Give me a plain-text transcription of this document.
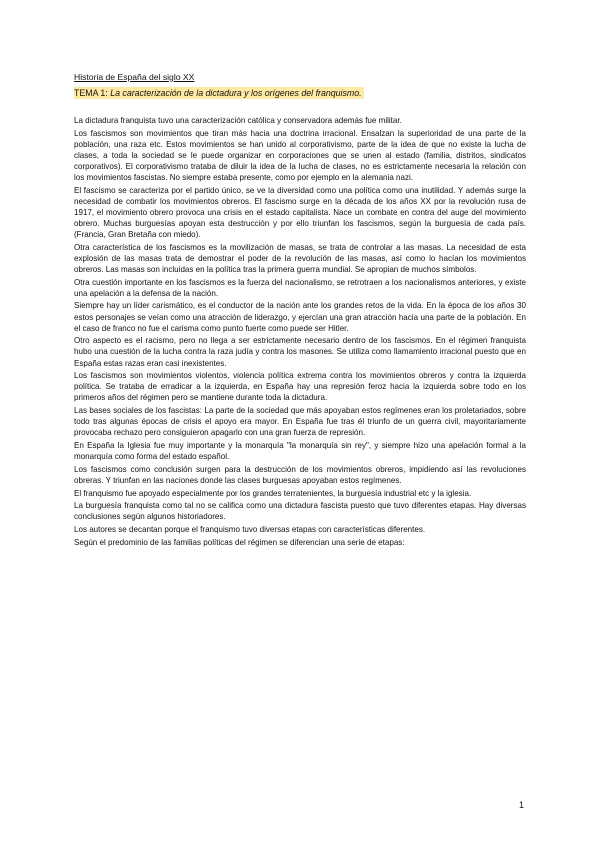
Historia de España del siglo XX

TEMA 1: La caracterización de la dictadura y los orígenes del franquismo.

La dictadura franquista tuvo una caracterización católica y conservadora además fue militar.

Los fascismos son movimientos que tiran más hacia una doctrina irracional. Ensalzan la superioridad de una parte de la población, una raza etc. Estos movimientos se han unido al corporativismo, parte de la idea de que no existe la lucha de clases, a toda la sociedad se le puede organizar en corporaciones que se unen al estado (familia, distritos, sindicatos corporativos). El corporativismo trataba de diluir la idea de la lucha de clases, no es estrictamente necesaria la relación con los movimientos fascistas. No siempre estaba presente, como por ejemplo en la alemania nazi.

El fascismo se caracteriza por el partido único, se ve la diversidad como una política como una inutilidad. Y además surge la necesidad de combatir los movimientos obreros. El fascismo surge en la década de los años XX por la revolución rusa de 1917, el movimiento obrero provoca una crisis en el estado capitalista. Nace un combate en contra del auge del movimiento obrero. Muchas burguesías apoyan esta destrucción y por ello triunfan los fascismos, según la burguesía de cada país. (Francia, Gran Bretaña con miedo).

Otra característica de los fascismos es la movilización de masas, se trata de controlar a las masas. La necesidad de esta explosión de las masas trata de demostrar el poder de la revolución de las masas, así como lo hacían los movimientos obreros. Las masas son incluidas en la política tras la primera guerra mundial. Se apropian de muchos símbolos.

Otra cuestión importante en los fascismos es la fuerza del nacionalismo, se retrotraen a los nacionalismos anteriores, y existe una apelación a la defensa de la nación.

Siempre hay un líder carismático, es el conductor de la nación ante los grandes retos de la vida. En la época de los años 30 estos personajes se veían como una atracción de liderazgo, y ejercían una gran atracción hacia una parte de la población. En el caso de franco no fue el carisma como punto fuerte como puede ser Hitler.

Otro aspecto es el racismo, pero no llega a ser estrictamente necesario dentro de los fascismos. En el régimen franquista hubo una cuestión de la lucha contra la raza judía y contra los masones. Se utiliza como llamamiento irracional puesto que en España estas razas eran casi inexistentes.

Los fascismos son movimientos violentos, violencia política extrema contra los movimientos obreros y contra la izquierda política. Se trataba de erradicar a la izquierda, en España hay una represión feroz hacia la izquierda sobre todo en los primeros años del régimen pero se mantiene durante toda la dictadura.

Las bases sociales de los fascistas: La parte de la sociedad que más apoyaban estos regímenes eran los proletariados, sobre todo tras algunas épocas de crisis el apoyo era mayor. En España fue tras él triunfo de un guerra civil, mayoritariamente provocaba rechazo pero consiguieron apagarlo con una gran fuerza de represión.

En España la Iglesia fue muy importante y la monarquía "la monarquía sin rey", y siempre hizo una apelación formal a la monarquía como forma del estado español.

Los fascismos como conclusión surgen para la destrucción de los movimientos obreros, impidiendo así las revoluciones obreras. Y triunfan en las naciones donde las clases burguesas apoyaban estos regímenes.

El franquismo fue apoyado especialmente por los grandes terratenientes, la burguesía industrial etc y la iglesia.

La burguesía franquista como tal no se califica como una dictadura fascista puesto que tuvo diferentes etapas. Hay diversas conclusiones según algunos historiadores.

Los autores se decantan porque el franquismo tuvo diversas etapas con características diferentes.

Según el predominio de las familias políticas del régimen se diferencian una serie de etapas:

1
